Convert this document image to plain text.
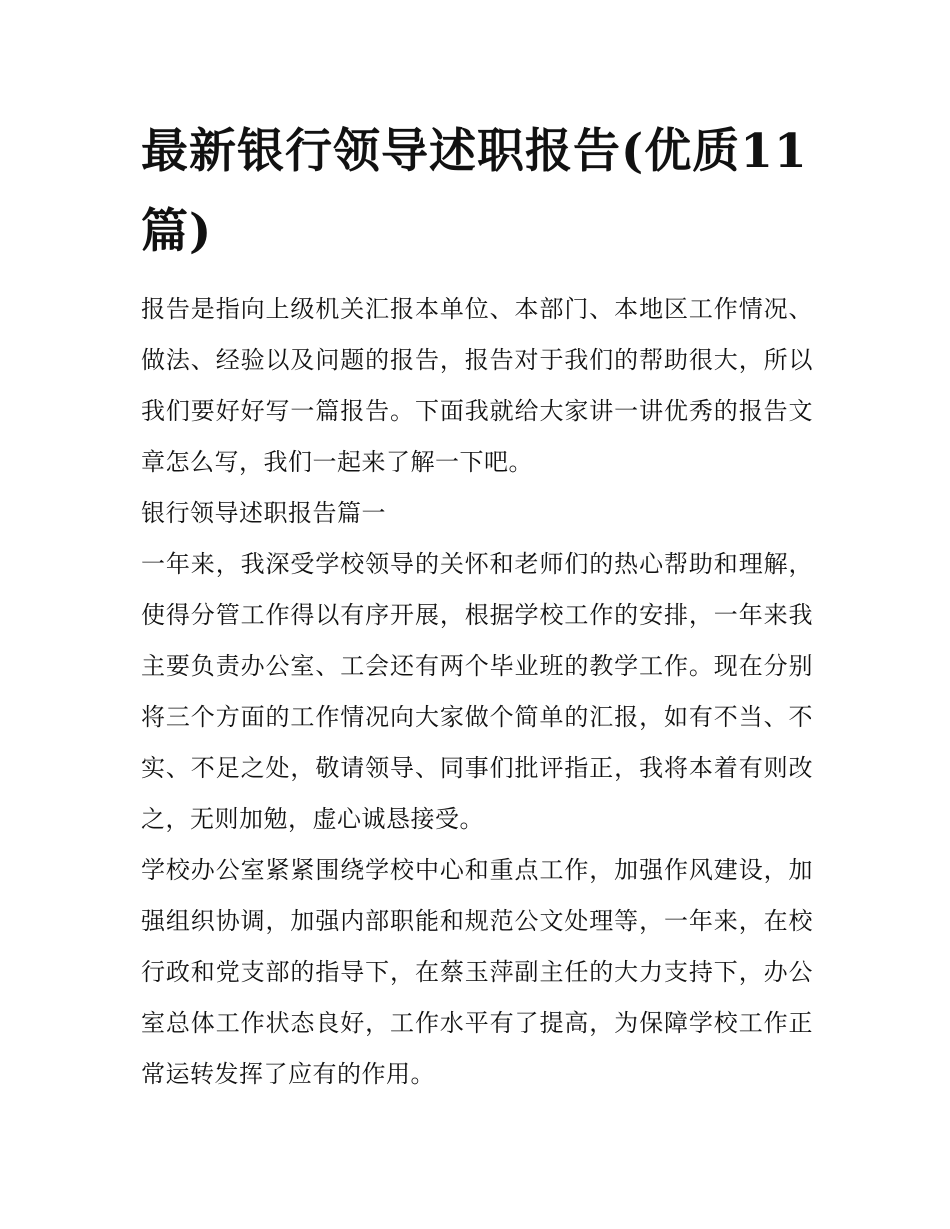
最新银行领导述职报告(优质11篇)

报告是指向上级机关汇报本单位、本部门、本地区工作情况、做法、经验以及问题的报告，报告对于我们的帮助很大，所以我们要好好写一篇报告。下面我就给大家讲一讲优秀的报告文章怎么写，我们一起来了解一下吧。

银行领导述职报告篇一

一年来，我深受学校领导的关怀和老师们的热心帮助和理解，使得分管工作得以有序开展，根据学校工作的安排，一年来我主要负责办公室、工会还有两个毕业班的教学工作。现在分别将三个方面的工作情况向大家做个简单的汇报，如有不当、不实、不足之处，敬请领导、同事们批评指正，我将本着有则改之，无则加勉，虚心诚恳接受。

学校办公室紧紧围绕学校中心和重点工作，加强作风建设，加强组织协调，加强内部职能和规范公文处理等，一年来，在校行政和党支部的指导下，在蔡玉萍副主任的大力支持下，办公室总体工作状态良好，工作水平有了提高，为保障学校工作正常运转发挥了应有的作用。
